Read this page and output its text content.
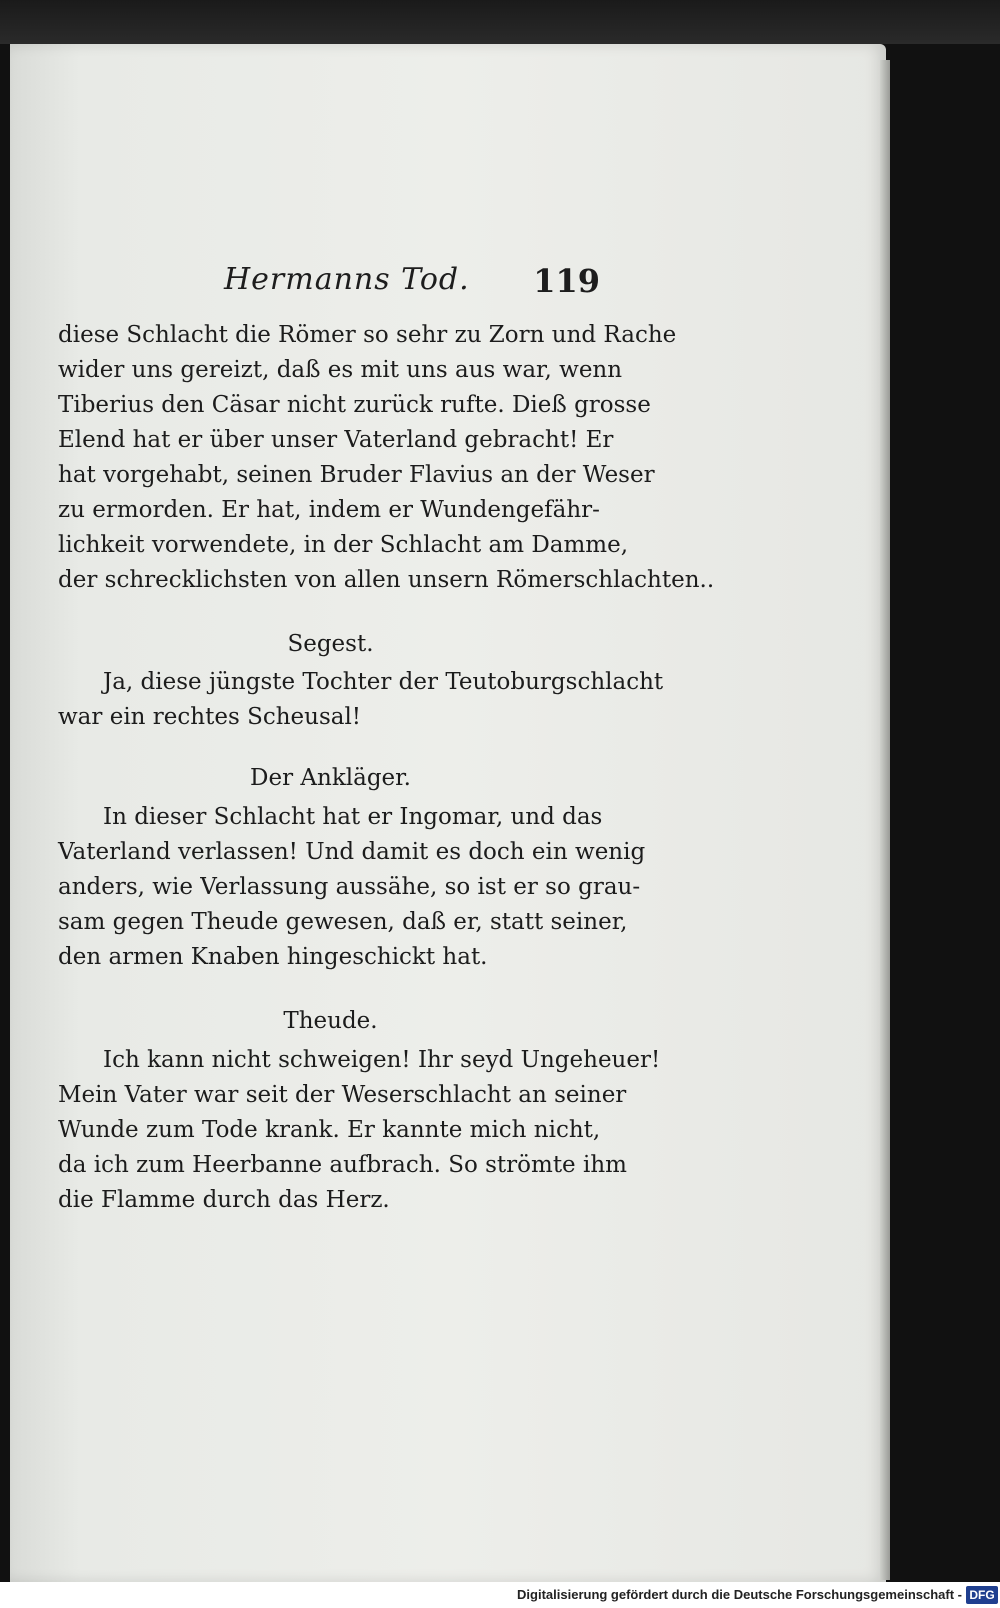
Hermanns Tod. 119
diese Schlacht die Römer so sehr zu Zorn und Rache
wider uns gereizt, daß es mit uns aus war, wenn
Tiberius den Cäsar nicht zurück rufte. Dieß grosse
Elend hat er über unser Vaterland gebracht! Er
hat vorgehabt, seinen Bruder Flavius an der Weser
zu ermorden. Er hat, indem er Wundengefähr-
lichkeit vorwendete, in der Schlacht am Damme,
der schrecklichsten von allen unsern Römerschlachten..
Segest.
Ja, diese jüngste Tochter der Teutoburgschlacht
war ein rechtes Scheusal!
Der Ankläger.
In dieser Schlacht hat er Ingomar, und das
Vaterland verlassen! Und damit es doch ein wenig
anders, wie Verlassung aussähe, so ist er so grau-
sam gegen Theude gewesen, daß er, statt seiner,
den armen Knaben hingeschickt hat.
Theude.
Ich kann nicht schweigen! Ihr seyd Ungeheuer!
Mein Vater war seit der Weserschlacht an seiner
Wunde zum Tode krank. Er kannte mich nicht,
da ich zum Heerbanne aufbrach. So strömte ihm
die Flamme durch das Herz.
Digitalisierung gefördert durch die Deutsche Forschungsgemeinschaft - DFG
